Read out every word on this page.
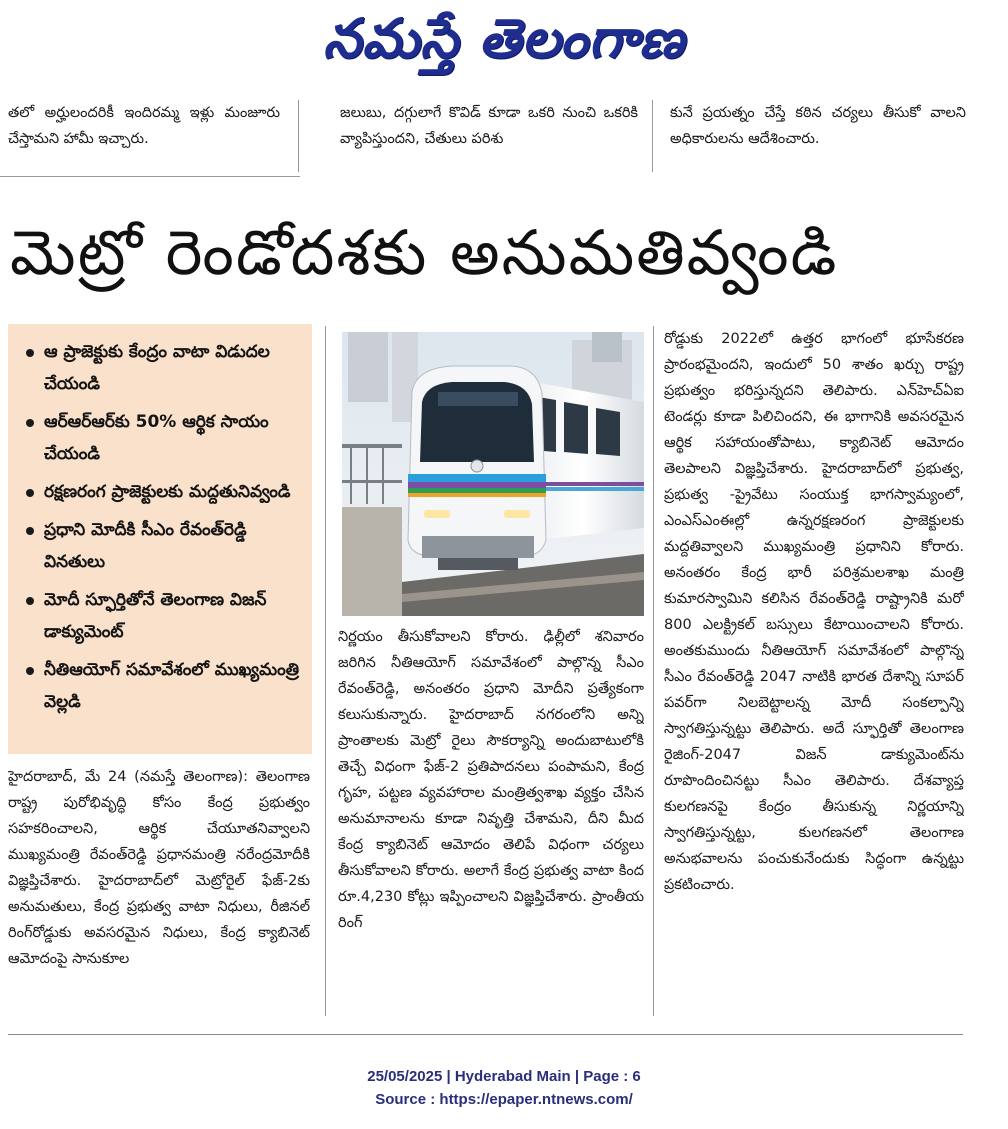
నమస్తే తెలంగాణ
తలో అర్హులందరికీ ఇందిరమ్మ ఇళ్లు మంజూరు చేస్తామని హామీ ఇచ్చారు.
జలుబు, దగ్గులాగే కొవిడ్ కూడా ఒకరి నుంచి ఒకరికి వ్యాపిస్తుందని, చేతులు పరిశు
కునే ప్రయత్నం చేస్తే కఠిన చర్యలు తీసుకో వాలని అధికారులను ఆదేశించారు.
మెట్రో రెండోదశకు అనుమతివ్వండి
ఆ ప్రాజెక్టుకు కేంద్రం వాటా విడుదల చేయండి
ఆర్ఆర్ఆర్‌కు 50% ఆర్థిక సాయం చేయండి
రక్షణరంగ ప్రాజెక్టులకు మద్దతునివ్వండి
ప్రధాని మోదీకి సీఎం రేవంత్‌రెడ్డి వినతులు
మోదీ స్ఫూర్తితోనే తెలంగాణ విజన్ డాక్యుమెంట్
నీతిఆయోగ్ సమావేశంలో ముఖ్యమంత్రి వెల్లడి
హైదరాబాద్, మే 24 (నమస్తే తెలంగాణ): తెలంగాణ రాష్ట్ర పురోభివృద్ధి కోసం కేంద్ర ప్రభుత్వం సహకరించాలని, ఆర్థిక చేయూతనివ్వాలని ముఖ్యమంత్రి రేవంత్‌రెడ్డి ప్రధానమంత్రి నరేంద్రమోదీకి విజ్ఞప్తిచేశారు. హైదరాబాద్‌లో మెట్రోరైల్ ఫేజ్-2కు అనుమతులు, కేంద్ర ప్రభుత్వ వాటా నిధులు, రీజినల్ రింగ్‌రోడ్డుకు అవసరమైన నిధులు, కేంద్ర క్యాబినెట్ ఆమోదంపై సానుకూల
నిర్ణయం తీసుకోవాలని కోరారు. ఢిల్లీలో శనివారం జరిగిన నీతిఆయోగ్ సమావేశంలో పాల్గొన్న సీఎం రేవంత్‌రెడ్డి, అనంతరం ప్రధాని మోదీని ప్రత్యేకంగా కలుసుకున్నారు. హైదరాబాద్ నగరంలోని అన్ని ప్రాంతాలకు మెట్రో రైలు సౌకర్యాన్ని అందుబాటులోకి తెచ్చే విధంగా ఫేజ్-2 ప్రతిపాదనలు పంపామని, కేంద్ర గృహ, పట్టణ వ్యవహారాల మంత్రిత్వశాఖ వ్యక్తం చేసిన అనుమానాలను కూడా నివృత్తి చేశామని, దీని మీద కేంద్ర క్యాబినెట్ ఆమోదం తెలిపే విధంగా చర్యలు తీసుకోవాలని కోరారు. అలాగే కేంద్ర ప్రభుత్వ వాటా కింద రూ.4,230 కోట్లు ఇప్పించాలని విజ్ఞప్తిచేశారు. ప్రాంతీయ రింగ్
రోడ్డుకు 2022లో ఉత్తర భాగంలో భూసేకరణ ప్రారంభమైందని, ఇందులో 50 శాతం ఖర్చు రాష్ట్ర ప్రభుత్వం భరిస్తున్నదని తెలిపారు. ఎన్‌హెచ్ఏఐ టెండర్లు కూడా పిలిచిందని, ఈ భాగానికి అవసరమైన ఆర్థిక సహాయంతోపాటు, క్యాబినెట్ ఆమోదం తెలపాలని విజ్ఞప్తిచేశారు. హైదరాబాద్‌లో ప్రభుత్వ, ప్రభుత్వ -ప్రైవేటు సంయుక్త భాగస్వామ్యంలో, ఎంఎస్ఎంఈల్లో ఉన్నరక్షణరంగ ప్రాజెక్టులకు మద్దతివ్వాలని ముఖ్యమంత్రి ప్రధానిని కోరారు. అనంతరం కేంద్ర భారీ పరిశ్రమలశాఖ మంత్రి కుమారస్వామిని కలిసిన రేవంత్‌రెడ్డి రాష్ట్రానికి మరో 800 ఎలక్ట్రికల్ బస్సులు కేటాయించాలని కోరారు. అంతకుముందు నీతిఆయోగ్ సమావేశంలో పాల్గొన్న సీఎం రేవంత్‌రెడ్డి 2047 నాటికి భారత దేశాన్ని సూపర్ పవర్‌గా నిలబెట్టాలన్న మోదీ సంకల్పాన్ని స్వాగతిస్తున్నట్టు తెలిపారు. అదే స్ఫూర్తితో తెలంగాణ రైజింగ్-2047 విజన్ డాక్యుమెంట్‌ను రూపొందించినట్టు సీఎం తెలిపారు. దేశవ్యాప్త కులగణనపై కేంద్రం తీసుకున్న నిర్ణయాన్ని స్వాగతిస్తున్నట్టు, కులగణనలో తెలంగాణ అనుభవాలను పంచుకునేందుకు సిద్ధంగా ఉన్నట్టు ప్రకటించారు.
25/05/2025 | Hyderabad Main | Page : 6
Source : https://epaper.ntnews.com/
